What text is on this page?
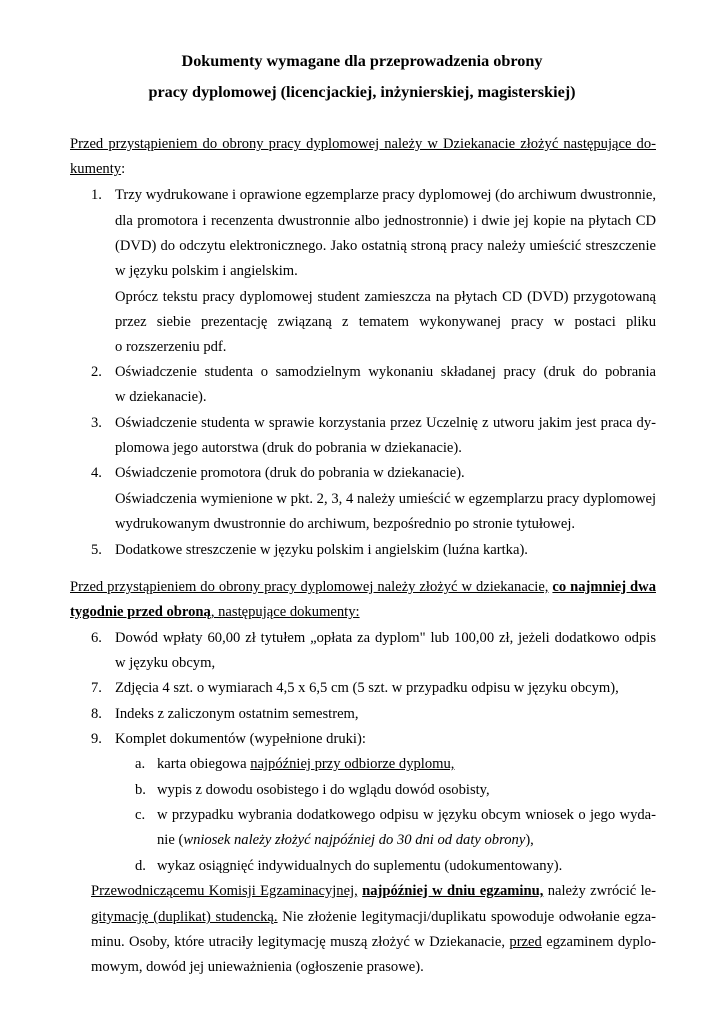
Dokumenty wymagane dla przeprowadzenia obrony
pracy dyplomowej (licencjackiej, inżynierskiej, magisterskiej)
Przed przystąpieniem do obrony pracy dyplomowej należy w Dziekanacie złożyć następujące do-
kumenty:
1. Trzy wydrukowane i oprawione egzemplarze pracy dyplomowej (do archiwum dwustronnie,
dla promotora i recenzenta dwustronnie albo jednostronnie) i dwie jej kopie na płytach CD
(DVD) do odczytu elektronicznego. Jako ostatnią stroną pracy należy umieścić streszczenie
w języku polskim i angielskim.
Oprócz tekstu pracy dyplomowej student zamieszcza na płytach CD (DVD) przygotowaną
przez siebie prezentację związaną z tematem wykonywanej pracy w postaci pliku
o rozszerzeniu pdf.
2. Oświadczenie studenta o samodzielnym wykonaniu składanej pracy (druk do pobrania
w dziekanacie).
3. Oświadczenie studenta w sprawie korzystania przez Uczelnię z utworu jakim jest praca dy-
plomowa jego autorstwa (druk do pobrania w dziekanacie).
4. Oświadczenie promotora (druk do pobrania w dziekanacie).
Oświadczenia wymienione w pkt. 2, 3, 4 należy umieścić w egzemplarzu pracy dyplomowej
wydrukowanym dwustronnie do archiwum, bezpośrednio po stronie tytułowej.
5. Dodatkowe streszczenie w języku polskim i angielskim (luźna kartka).
Przed przystąpieniem do obrony pracy dyplomowej należy złożyć w dziekanacie, co najmniej dwa
tygodnie przed obroną, następujące dokumenty:
6. Dowód wpłaty 60,00 zł tytułem „opłata za dyplom" lub 100,00 zł, jeżeli dodatkowo odpis
w języku obcym,
7. Zdjęcia 4 szt. o wymiarach 4,5 x 6,5 cm (5 szt. w przypadku odpisu w języku obcym),
8. Indeks z zaliczonym ostatnim semestrem,
9. Komplet dokumentów (wypełnione druki):
a. karta obiegowa najpóźniej przy odbiorze dyplomu,
b. wypis z dowodu osobistego i do wglądu dowód osobisty,
c. w przypadku wybrania dodatkowego odpisu w języku obcym wniosek o jego wyda-
nie (wniosek należy złożyć najpóźniej do 30 dni od daty obrony),
d. wykaz osiągnięć indywidualnych do suplementu (udokumentowany).
Przewodniczącemu Komisji Egzaminacyjnej, najpóźniej w dniu egzaminu, należy zwrócić le-
gitymację (duplikat) studencką. Nie złożenie legitymacji/duplikatu spowoduje odwołanie egza-
minu. Osoby, które utraciły legitymację muszą złożyć w Dziekanacie, przed egzaminem dyplo-
mowym, dowód jej unieważnienia (ogłoszenie prasowe).
